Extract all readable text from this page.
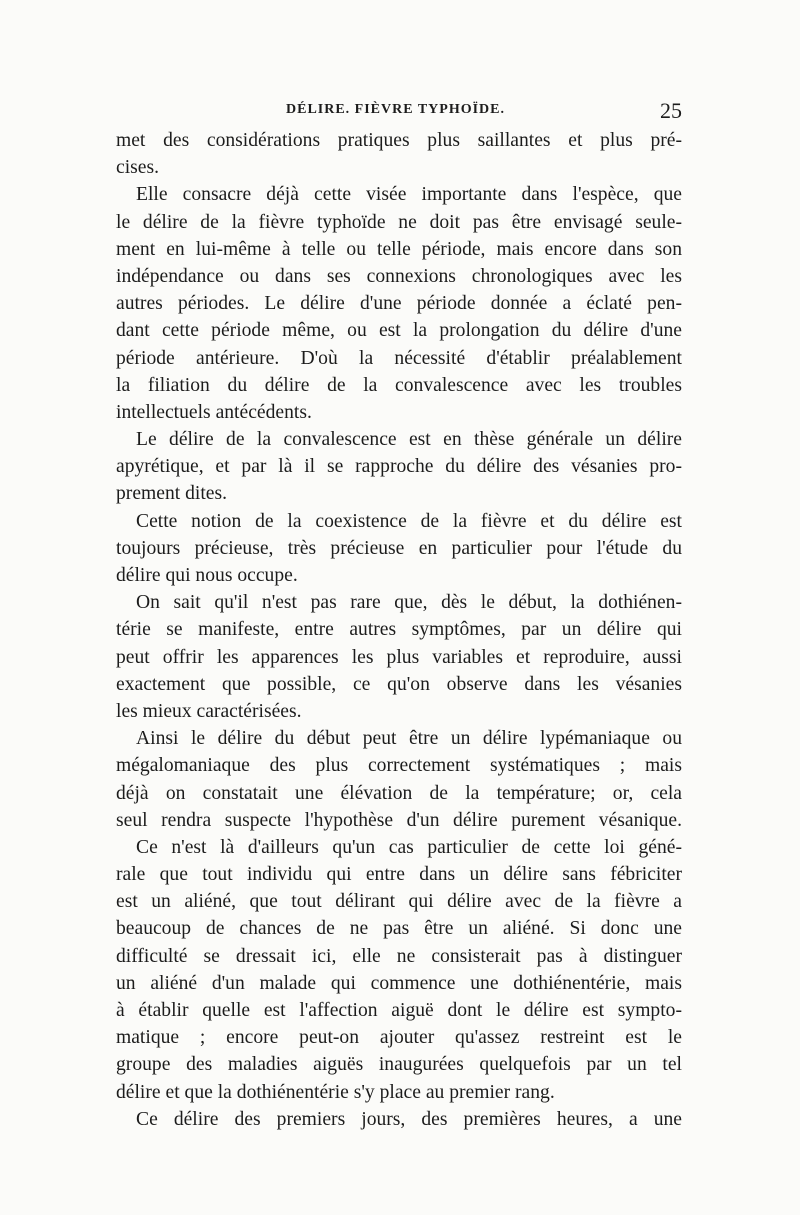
DÉLIRE. FIÈVRE TYPHOÏDE.	25
met des considérations pratiques plus saillantes et plus pré-
cises.
Elle consacre déjà cette visée importante dans l'espèce, que
le délire de la fièvre typhoïde ne doit pas être envisagé seule-
ment en lui-même à telle ou telle période, mais encore dans son
indépendance ou dans ses connexions chronologiques avec les
autres périodes. Le délire d'une période donnée a éclaté pen-
dant cette période même, ou est la prolongation du délire d'une
période antérieure. D'où la nécessité d'établir préalablement
la filiation du délire de la convalescence avec les troubles
intellectuels antécédents.
Le délire de la convalescence est en thèse générale un délire
apyrétique, et par là il se rapproche du délire des vésanies pro-
prement dites.
Cette notion de la coexistence de la fièvre et du délire est
toujours précieuse, très précieuse en particulier pour l'étude du
délire qui nous occupe.
On sait qu'il n'est pas rare que, dès le début, la dothiénen-
térie se manifeste, entre autres symptômes, par un délire qui
peut offrir les apparences les plus variables et reproduire, aussi
exactement que possible, ce qu'on observe dans les vésanies
les mieux caractérisées.
Ainsi le délire du début peut être un délire lypémaniaque ou
mégalomaniaque des plus correctement systématiques ; mais
déjà on constatait une élévation de la température; or, cela
seul rendra suspecte l'hypothèse d'un délire purement vésanique.
Ce n'est là d'ailleurs qu'un cas particulier de cette loi géné-
rale que tout individu qui entre dans un délire sans fébriciter
est un aliéné, que tout délirant qui délire avec de la fièvre a
beaucoup de chances de ne pas être un aliéné. Si donc une
difficulté se dressait ici, elle ne consisterait pas à distinguer
un aliéné d'un malade qui commence une dothiénentérie, mais
à établir quelle est l'affection aiguë dont le délire est sympto-
matique ; encore peut-on ajouter qu'assez restreint est le
groupe des maladies aiguës inaugurées quelquefois par un tel
délire et que la dothiénentérie s'y place au premier rang.
Ce délire des premiers jours, des premières heures, a une
